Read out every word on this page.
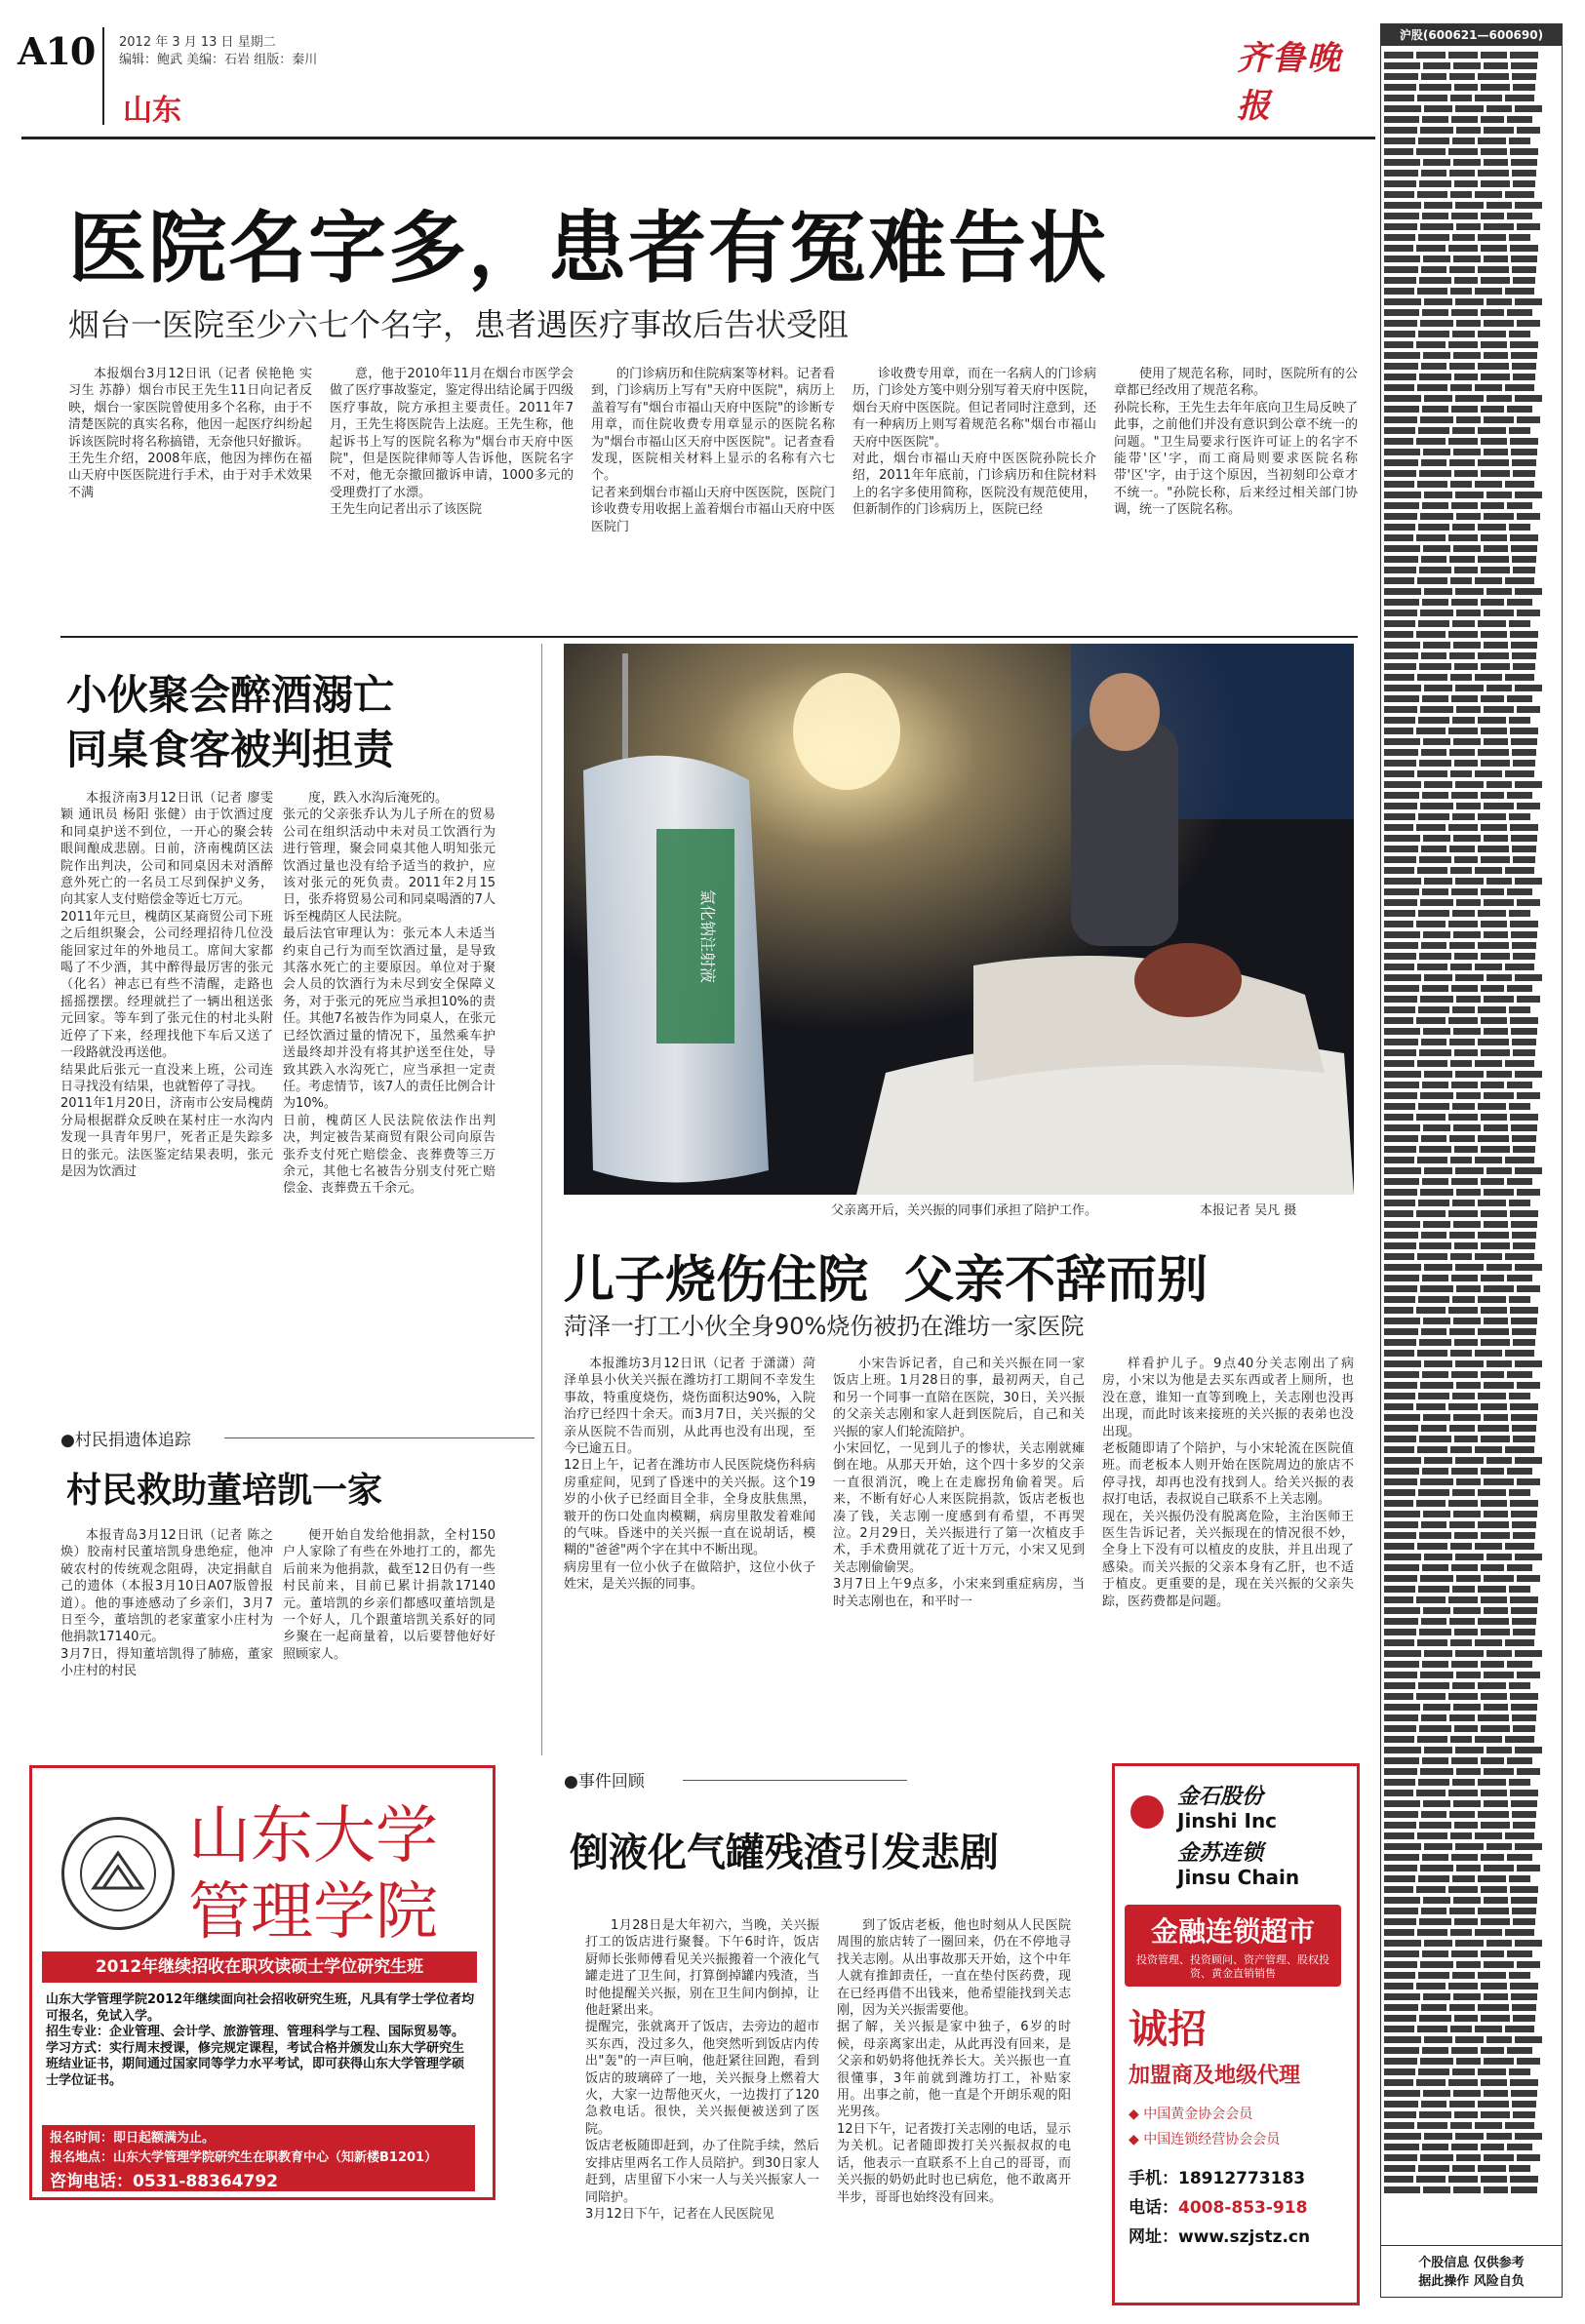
A10 2012 年 3 月 13 日 星期二
编辑：鲍武 美编：石岩 组版：秦川
山东
齐鲁晚报
医院名字多，患者有冤难告状
烟台一医院至少六七个名字，患者遇医疗事故后告状受阻

本报烟台3月12日讯（记者 侯艳艳 实习生 苏静）烟台市民王先生11日向记者反映，烟台一家医院曾使用多个名称，由于不清楚医院的真实名称，他因一起医疗纠纷起诉该医院时将名称搞错，无奈他只好撤诉。
王先生介绍，2008年底，他因为摔伤在福山天府中医医院进行手术，由于对手术效果不满

意，他于2010年11月在烟台市医学会做了医疗事故鉴定，鉴定得出结论属于四级医疗事故，院方承担主要责任。2011年7月，王先生将医院告上法庭。王先生称，他起诉书上写的医院名称为"烟台市天府中医院"，但是医院律师等人告诉他，医院名字不对，他无奈撤回撤诉申请，1000多元的受理费打了水漂。
王先生向记者出示了该医院

的门诊病历和住院病案等材料。记者看到，门诊病历上写有"天府中医院"，病历上盖着写有"烟台市福山天府中医院"的诊断专用章，而住院收费专用章显示的医院名称为"烟台市福山区天府中医医院"。记者查看发现，医院相关材料上显示的名称有六七个。
记者来到烟台市福山天府中医医院，医院门诊收费专用收据上盖着烟台市福山天府中医医院门

诊收费专用章，而在一名病人的门诊病历，门诊处方笺中则分别写着天府中医院，烟台天府中医医院。但记者同时注意到，还有一种病历上则写着规范名称"烟台市福山天府中医医院"。
对此，烟台市福山天府中医医院孙院长介绍，2011年年底前，门诊病历和住院材料上的名字多使用简称，医院没有规范使用，但新制作的门诊病历上，医院已经

使用了规范名称，同时，医院所有的公章都已经改用了规范名称。
孙院长称，王先生去年年底向卫生局反映了此事，之前他们并没有意识到公章不统一的问题。"卫生局要求行医许可证上的名字不能带'区'字，而工商局则要求医院名称带'区'字，由于这个原因，当初刻印公章才不统一。"孙院长称，后来经过相关部门协调，统一了医院名称。

小伙聚会醉酒溺亡
同桌食客被判担责

本报济南3月12日讯（记者 廖雯颖 通讯员 杨阳 张健）由于饮酒过度和同桌护送不到位，一开心的聚会转眼间酿成悲剧。日前，济南槐荫区法院作出判决，公司和同桌因未对酒醉意外死亡的一名员工尽到保护义务，向其家人支付赔偿金等近七万元。
2011年元旦，槐荫区某商贸公司下班之后组织聚会，公司经理招待几位没能回家过年的外地员工。席间大家都喝了不少酒，其中醉得最厉害的张元（化名）神志已有些不清醒，走路也摇摇摆摆。经理就拦了一辆出租送张元回家。等车到了张元住的村北头附近停了下来，经理找他下车后又送了一段路就没再送他。
结果此后张元一直没来上班，公司连日寻找没有结果，也就暂停了寻找。
2011年1月20日，济南市公安局槐荫分局根据群众反映在某村庄一水沟内发现一具青年男尸，死者正是失踪多日的张元。法医鉴定结果表明，张元是因为饮酒过

度，跌入水沟后淹死的。
张元的父亲张乔认为儿子所在的贸易公司在组织活动中未对员工饮酒行为进行管理，聚会同桌其他人明知张元饮酒过量也没有给予适当的救护，应该对张元的死负责。2011年2月15日，张乔将贸易公司和同桌喝酒的7人诉至槐荫区人民法院。
最后法官审理认为：张元本人未适当约束自己行为而至饮酒过量，是导致其落水死亡的主要原因。单位对于聚会人员的饮酒行为未尽到安全保障义务，对于张元的死应当承担10%的责任。其他7名被告作为同桌人，在张元已经饮酒过量的情况下，虽然乘车护送最终却并没有将其护送至住处，导致其跌入水沟死亡，应当承担一定责任。考虑情节，该7人的责任比例合计为10%。
日前，槐荫区人民法院依法作出判决，判定被告某商贸有限公司向原告张乔支付死亡赔偿金、丧葬费等三万余元，其他七名被告分别支付死亡赔偿金、丧葬费五千余元。

●村民捐遗体追踪
村民救助董培凯一家

本报青岛3月12日讯（记者 陈之焕）胶南村民董培凯身患绝症，他冲破农村的传统观念阻碍，决定捐献自己的遗体（本报3月10日A07版曾报道）。他的事迹感动了乡亲们，3月7日至今，董培凯的老家董家小庄村为他捐款17140元。
3月7日，得知董培凯得了肺癌，董家小庄村的村民

便开始自发给他捐款，全村150户人家除了有些在外地打工的，都先后前来为他捐款，截至12日仍有一些村民前来，目前已累计捐款17140元。董培凯的乡亲们都感叹董培凯是一个好人，几个跟董培凯关系好的同乡聚在一起商量着，以后要替他好好照顾家人。

山东大学
管理学院
2012年继续招收在职攻读硕士学位研究生班
山东大学管理学院2012年继续面向社会招收研究生班，凡具有学士学位者均可报名，免试入学。
招生专业：企业管理、会计学、旅游管理、管理科学与工程、国际贸易等。
学习方式：实行周末授课，修完规定课程，考试合格并颁发山东大学研究生班结业证书，期间通过国家同等学力水平考试，即可获得山东大学管理学硕士学位证书。
报名时间：即日起额满为止。
报名地点：山东大学管理学院研究生在职教育中心（知新楼B1201）
咨询电话：0531-88364792
氯化钠注射液
父亲离开后，关兴振的同事们承担了陪护工作。	本报记者 吴凡 摄
儿子烧伤住院  父亲不辞而别
菏泽一打工小伙全身90%烧伤被扔在潍坊一家医院

本报潍坊3月12日讯（记者 于潇潇）菏泽单县小伙关兴振在潍坊打工期间不幸发生事故，特重度烧伤，烧伤面积达90%，入院治疗已经四十余天。而3月7日，关兴振的父亲从医院不告而别，从此再也没有出现，至今已逾五日。
12日上午，记者在潍坊市人民医院烧伤科病房重症间，见到了昏迷中的关兴振。这个19岁的小伙子已经面目全非，全身皮肤焦黑，皲开的伤口处血肉模糊，病房里散发着难闻的气味。昏迷中的关兴振一直在说胡话，模糊的"爸爸"两个字在其中不断出现。
病房里有一位小伙子在做陪护，这位小伙子姓宋，是关兴振的同事。

小宋告诉记者，自己和关兴振在同一家饭店上班。1月28日的事，最初两天，自己和另一个同事一直陪在医院，30日，关兴振的父亲关志刚和家人赶到医院后，自己和关兴振的家人们轮流陪护。
小宋回忆，一见到儿子的惨状，关志刚就瘫倒在地。从那天开始，这个四十多岁的父亲一直很消沉，晚上在走廊拐角偷着哭。后来，不断有好心人来医院捐款，饭店老板也凑了钱，关志刚一度感到有希望，不再哭泣。2月29日，关兴振进行了第一次植皮手术，手术费用就花了近十万元，小宋又见到关志刚偷偷哭。
3月7日上午9点多，小宋来到重症病房，当时关志刚也在，和平时一

样看护儿子。9点40分关志刚出了病房，小宋以为他是去买东西或者上厕所，也没在意，谁知一直等到晚上，关志刚也没再出现，而此时该来接班的关兴振的表弟也没出现。
老板随即请了个陪护，与小宋轮流在医院值班。而老板本人则开始在医院周边的旅店不停寻找，却再也没有找到人。给关兴振的表叔打电话，表叔说自己联系不上关志刚。
现在，关兴振仍没有脱离危险，主治医师王医生告诉记者，关兴振现在的情况很不妙，全身上下没有可以植皮的皮肤，并且出现了感染。而关兴振的父亲本身有乙肝，也不适于植皮。更重要的是，现在关兴振的父亲失踪，医药费都是问题。

●事件回顾
倒液化气罐残渣引发悲剧

1月28日是大年初六，当晚，关兴振打工的饭店进行聚餐。下午6时许，饭店厨师长张师傅看见关兴振搬着一个液化气罐走进了卫生间，打算倒掉罐内残渣，当时他提醒关兴振，别在卫生间内倒掉，让他赶紧出来。
提醒完，张就离开了饭店，去旁边的超市买东西，没过多久，他突然听到饭店内传出"轰"的一声巨响，他赶紧往回跑，看到饭店的玻璃碎了一地，关兴振身上燃着大火，大家一边帮他灭火，一边拨打了120急救电话。很快，关兴振便被送到了医院。
饭店老板随即赶到，办了住院手续，然后安排店里两名工作人员陪护。到30日家人赶到，店里留下小宋一人与关兴振家人一同陪护。
3月12日下午，记者在人民医院见

到了饭店老板，他也时刻从人民医院周围的旅店转了一圈回来，仍在不停地寻找关志刚。从出事故那天开始，这个中年人就有推卸责任，一直在垫付医药费，现在已经再借不出钱来，他希望能找到关志刚，因为关兴振需要他。
据了解，关兴振是家中独子，6岁的时候，母亲离家出走，从此再没有回来，是父亲和奶奶将他抚养长大。关兴振也一直很懂事，3年前就到潍坊打工，补贴家用。出事之前，他一直是个开朗乐观的阳光男孩。
12日下午，记者拨打关志刚的电话，显示为关机。记者随即拨打关兴振叔叔的电话，他表示一直联系不上自己的哥哥，而关兴振的奶奶此时也已病危，他不敢离开半步，哥哥也始终没有回来。

金石股份
Jinshi Inc
金苏连锁
Jinsu Chain
金融连锁超市
投资管理、投资顾问、资产管理、股权投资、黄金直销销售
诚招
加盟商及地级代理
◆ 中国黄金协会会员
◆ 中国连锁经营协会会员
手机：18912773183
电话：4008-853-918
网址：www.szjstz.cn
沪股(600621—600690)
个股信息 仅供参考
据此操作 风险自负
